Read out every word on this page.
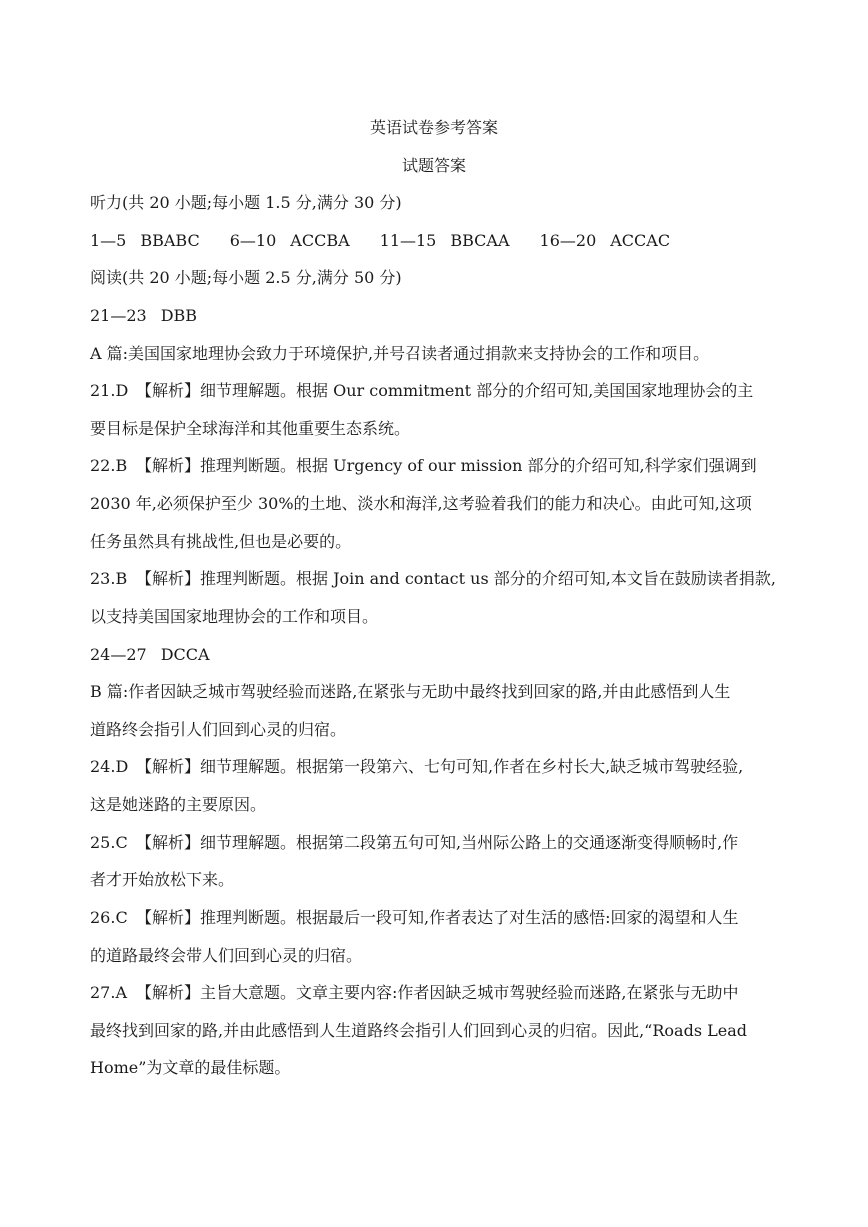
英语试卷参考答案
试题答案
听力(共 20 小题;每小题 1.5 分,满分 30 分)
1—5 BBABC 6—10 ACCBA 11—15 BBCAA 16—20 ACCAC
阅读(共 20 小题;每小题 2.5 分,满分 50 分)
21—23 DBB
A 篇:美国国家地理协会致力于环境保护,并号召读者通过捐款来支持协会的工作和项目。
21.D 【解析】细节理解题。根据 Our commitment 部分的介绍可知,美国国家地理协会的主
要目标是保护全球海洋和其他重要生态系统。
22.B 【解析】推理判断题。根据 Urgency of our mission 部分的介绍可知,科学家们强调到
2030 年,必须保护至少 30%的土地、淡水和海洋,这考验着我们的能力和决心。由此可知,这项
任务虽然具有挑战性,但也是必要的。
23.B 【解析】推理判断题。根据 Join and contact us 部分的介绍可知,本文旨在鼓励读者捐款,
以支持美国国家地理协会的工作和项目。
24—27 DCCA
B 篇:作者因缺乏城市驾驶经验而迷路,在紧张与无助中最终找到回家的路,并由此感悟到人生
道路终会指引人们回到心灵的归宿。
24.D 【解析】细节理解题。根据第一段第六、七句可知,作者在乡村长大,缺乏城市驾驶经验,
这是她迷路的主要原因。
25.C 【解析】细节理解题。根据第二段第五句可知,当州际公路上的交通逐渐变得顺畅时,作
者才开始放松下来。
26.C 【解析】推理判断题。根据最后一段可知,作者表达了对生活的感悟:回家的渴望和人生
的道路最终会带人们回到心灵的归宿。
27.A 【解析】主旨大意题。文章主要内容:作者因缺乏城市驾驶经验而迷路,在紧张与无助中
最终找到回家的路,并由此感悟到人生道路终会指引人们回到心灵的归宿。因此,“Roads Lead
Home”为文章的最佳标题。
